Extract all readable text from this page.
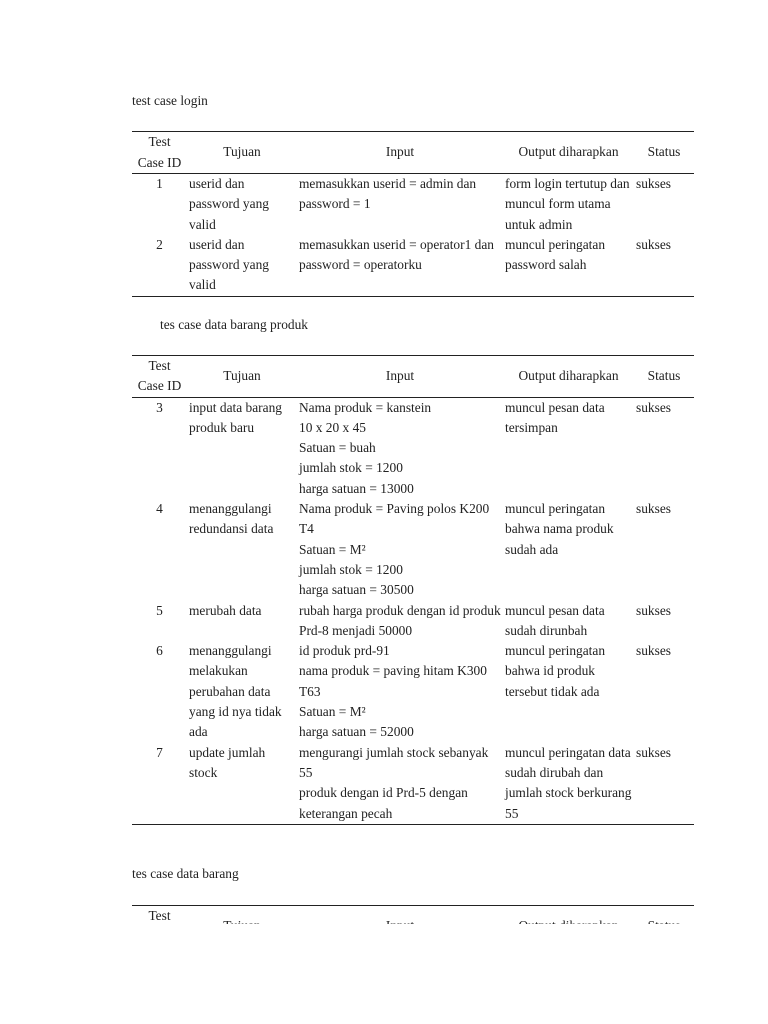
test case login
Test Case ID	Tujuan	Input	Output diharapkan	Status
1	userid dan password yang valid	memasukkan userid = admin dan password = 1	form login tertutup dan muncul form utama untuk admin	sukses
2	userid dan password yang valid	memasukkan userid = operator1 dan password = operatorku	muncul peringatan password salah	sukses
tes case data barang produk
Test Case ID	Tujuan	Input	Output diharapkan	Status
3	input data barang produk baru	Nama produk = kanstein
10 x 20 x 45
Satuan = buah
jumlah stok = 1200
harga satuan = 13000	muncul pesan data tersimpan	sukses
4	menanggulangi redundansi data	Nama produk = Paving polos K200 T4
Satuan = M²
jumlah stok = 1200
harga satuan = 30500	muncul peringatan bahwa nama produk sudah ada	sukses
5	merubah data	rubah harga produk dengan id produk Prd-8 menjadi 50000	muncul pesan data sudah dirunbah	sukses
6	menanggulangi melakukan perubahan data yang id nya tidak ada	id produk prd-91
nama produk = paving hitam K300 T63
Satuan = M²
harga satuan = 52000	muncul peringatan bahwa id produk tersebut tidak ada	sukses
7	update jumlah stock	mengurangi jumlah stock sebanyak 55
produk dengan id Prd-5 dengan keterangan pecah	muncul peringatan data sudah dirubah dan jumlah stock berkurang 55	sukses
tes case data barang
Test				
